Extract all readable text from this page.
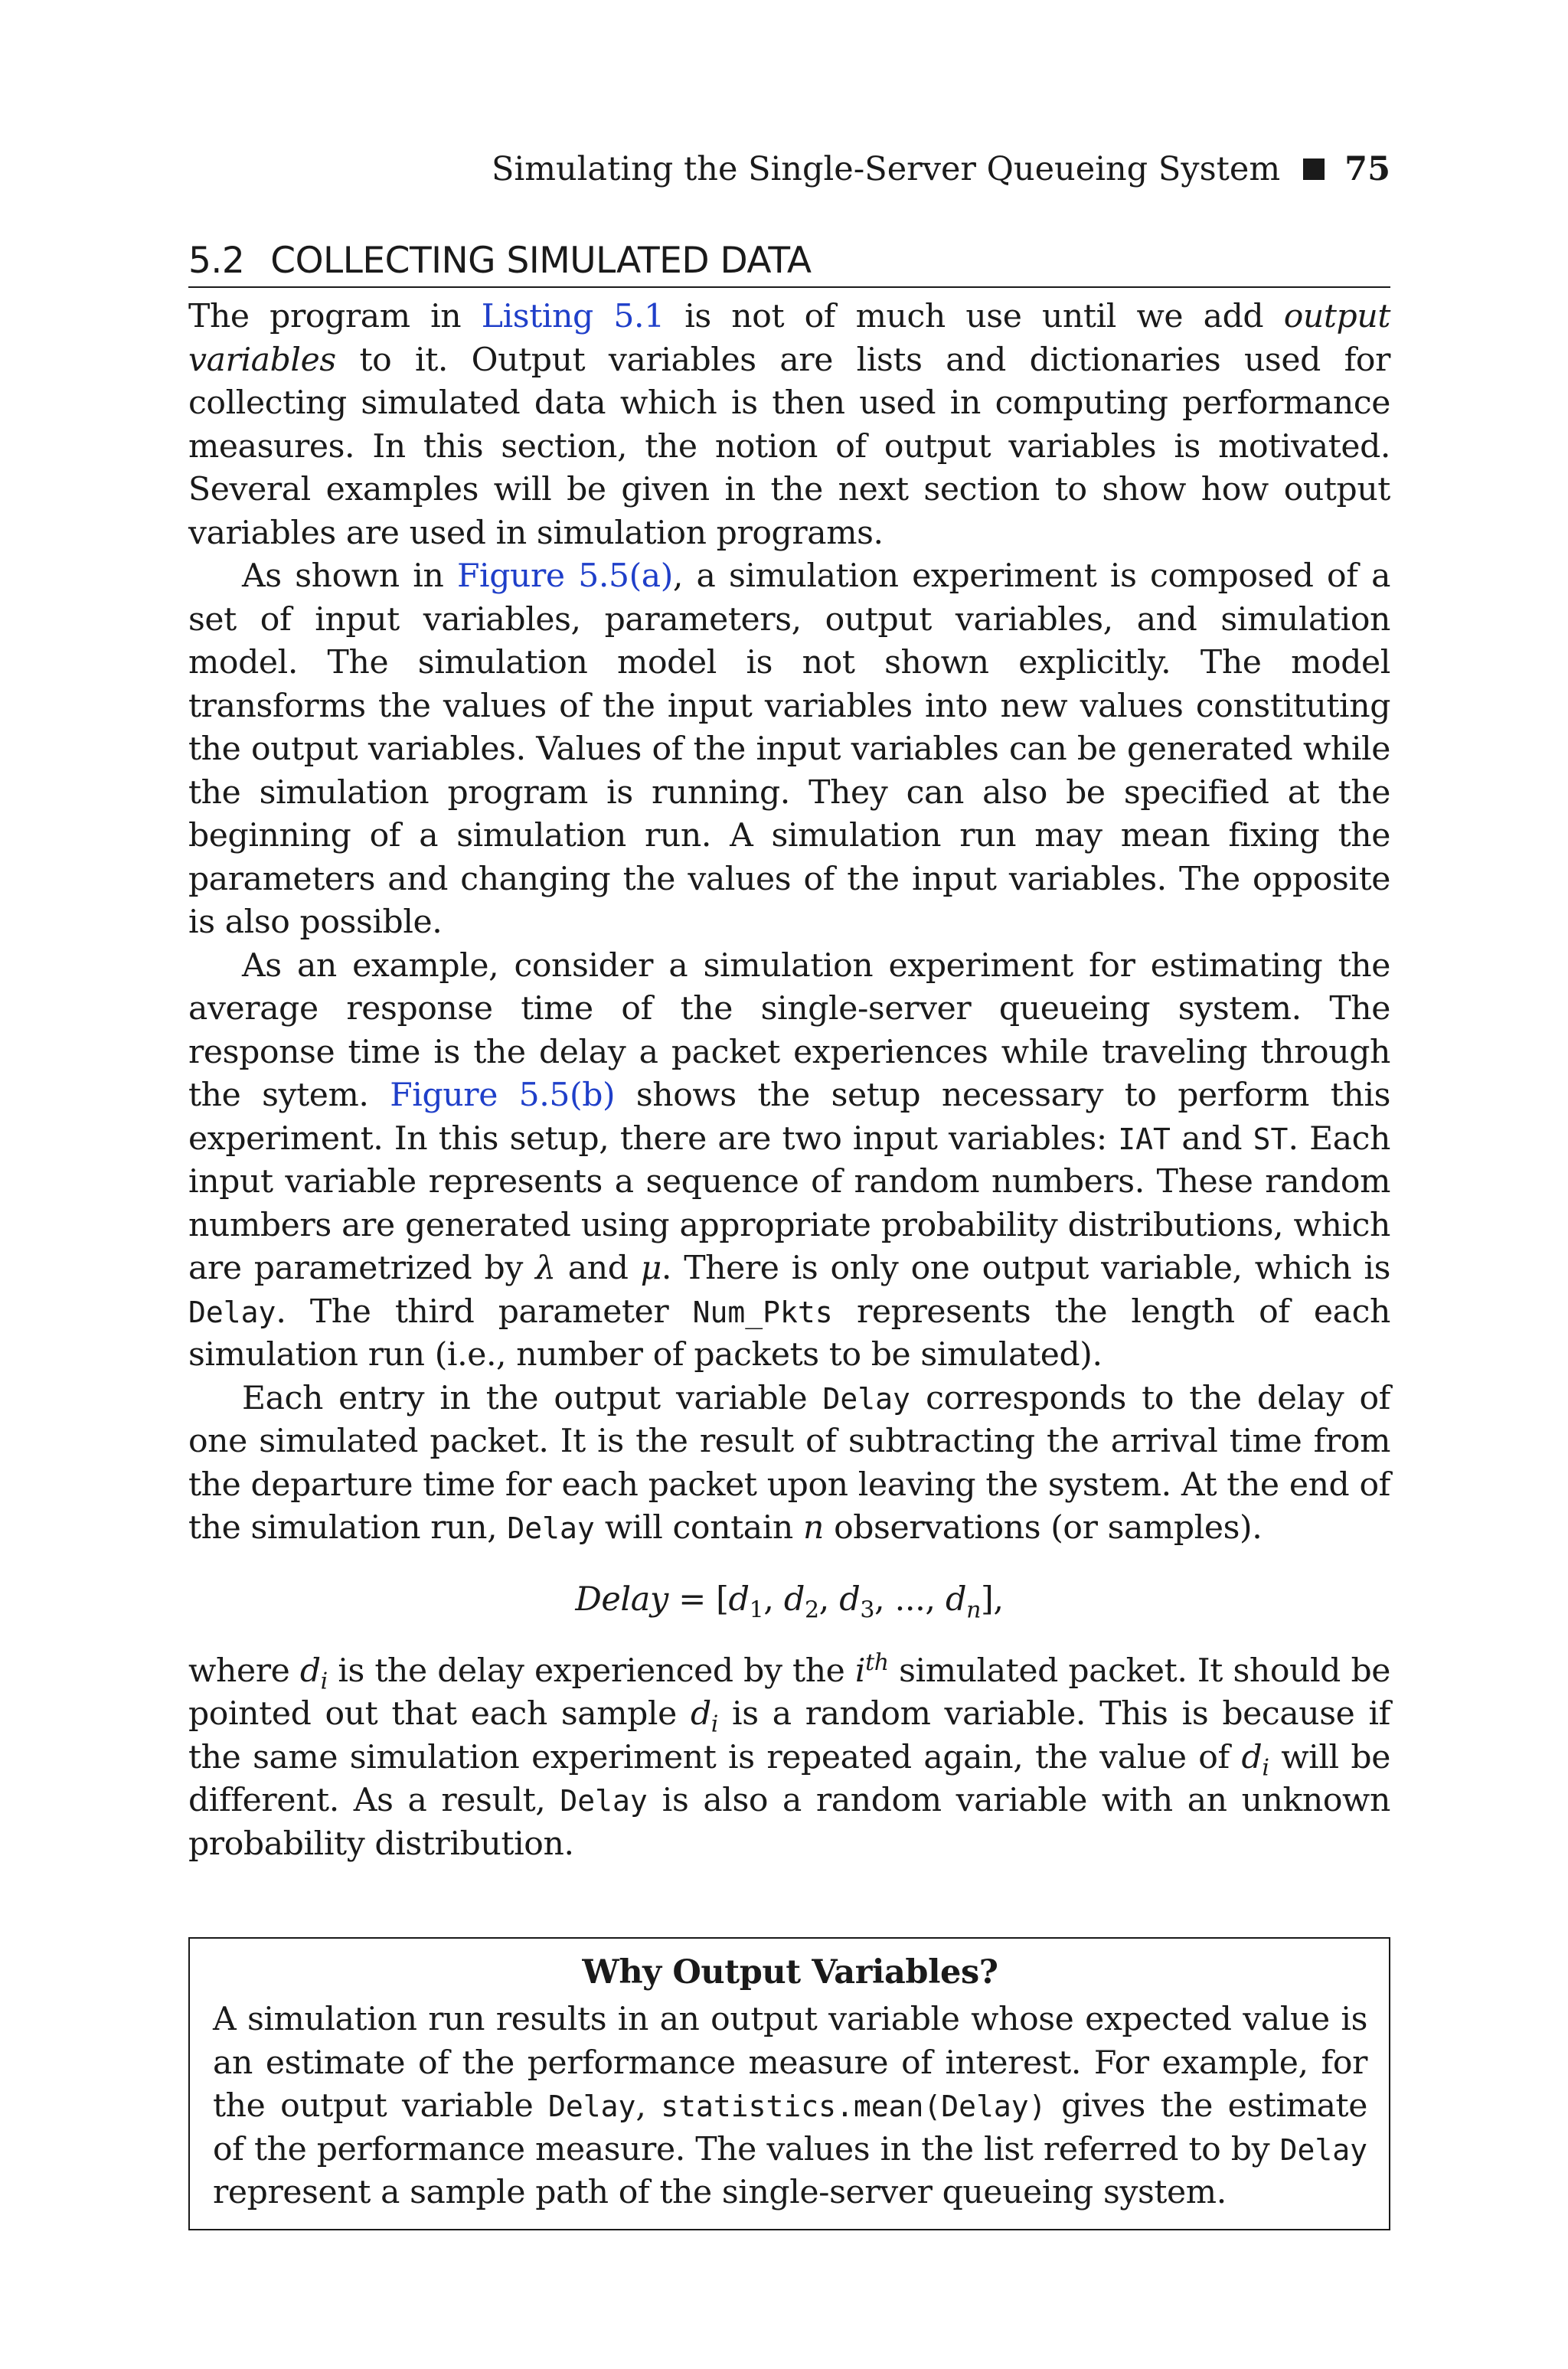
Simulating the Single-Server Queueing System 75
5.2 COLLECTING SIMULATED DATA

The program in Listing 5.1 is not of much use until we add output variables to it. Output variables are lists and dictionaries used for collecting simulated data which is then used in computing performance measures. In this section, the notion of output variables is motivated. Several examples will be given in the next section to show how output variables are used in simulation programs.

As shown in Figure 5.5(a), a simulation experiment is composed of a set of input variables, parameters, output variables, and simulation model. The simulation model is not shown explicitly. The model transforms the values of the input variables into new values constituting the output variables. Values of the input variables can be generated while the simulation program is running. They can also be specified at the beginning of a simulation run. A simulation run may mean fixing the parameters and changing the values of the input variables. The opposite is also possible.

As an example, consider a simulation experiment for estimating the average response time of the single-server queueing system. The response time is the delay a packet experiences while traveling through the sytem. Figure 5.5(b) shows the setup necessary to perform this experiment. In this setup, there are two input variables: IAT and ST. Each input variable represents a sequence of random numbers. These random numbers are generated using appropriate probability distributions, which are parametrized by λ and μ. There is only one output variable, which is Delay. The third parameter Num_Pkts represents the length of each simulation run (i.e., number of packets to be simulated).

Each entry in the output variable Delay corresponds to the delay of one simulated packet. It is the result of subtracting the arrival time from the departure time for each packet upon leaving the system. At the end of the simulation run, Delay will contain n observations (or samples).

Delay = [$d_1$, $d_2$, $d_3$, ..., $d_n$],

where $d_i$ is the delay experienced by the $i^{th}$ simulated packet. It should be pointed out that each sample $d_i$ is a random variable. This is because if the same simulation experiment is repeated again, the value of $d_i$ will be different. As a result, Delay is also a random variable with an unknown probability distribution.

Why Output Variables?

A simulation run results in an output variable whose expected value is an estimate of the performance measure of interest. For example, for the output variable Delay, statistics.mean(Delay) gives the estimate of the performance measure. The values in the list referred to by Delay represent a sample path of the single-server queueing system.
